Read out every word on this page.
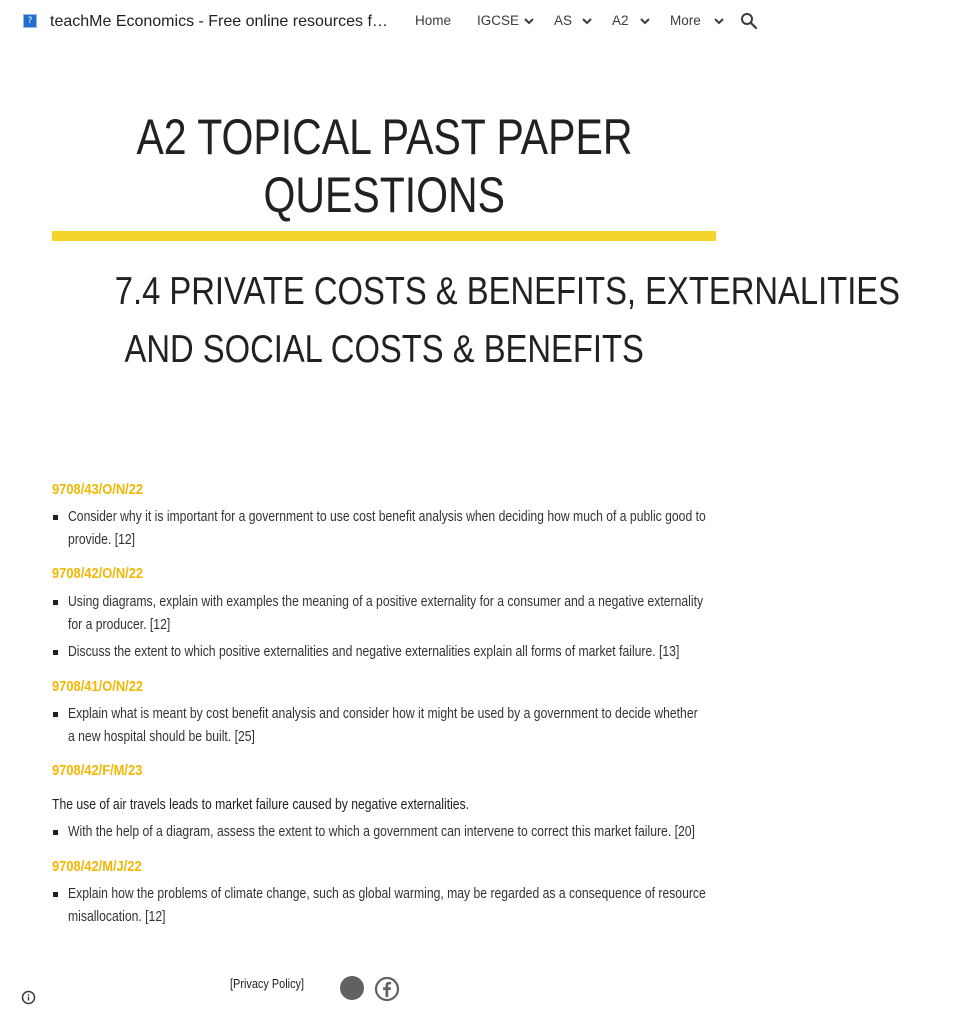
? teachMe Economics - Free online resources f… Home IGCSE	AS	A2	More
A2 TOPICAL PAST PAPER
QUESTIONS
7.4 PRIVATE COSTS & BENEFITS, EXTERNALITIES
AND SOCIAL COSTS & BENEFITS
9708/43/O/N/22
Consider why it is important for a government to use cost benefit analysis when deciding how much of a public good to provide. [12]
9708/42/O/N/22
Using diagrams, explain with examples the meaning of a positive externality for a consumer and a negative externality for a producer. [12]
Discuss the extent to which positive externalities and negative externalities explain all forms of market failure. [13]
9708/41/O/N/22
Explain what is meant by cost benefit analysis and consider how it might be used by a government to decide whether a new hospital should be built. [25]
9708/42/F/M/23
The use of air travels leads to market failure caused by negative externalities.
With the help of a diagram, assess the extent to which a government can intervene to correct this market failure. [20]
9708/42/M/J/22
Explain how the problems of climate change, such as global warming, may be regarded as a consequence of resource misallocation. [12]
[Privacy Policy]
